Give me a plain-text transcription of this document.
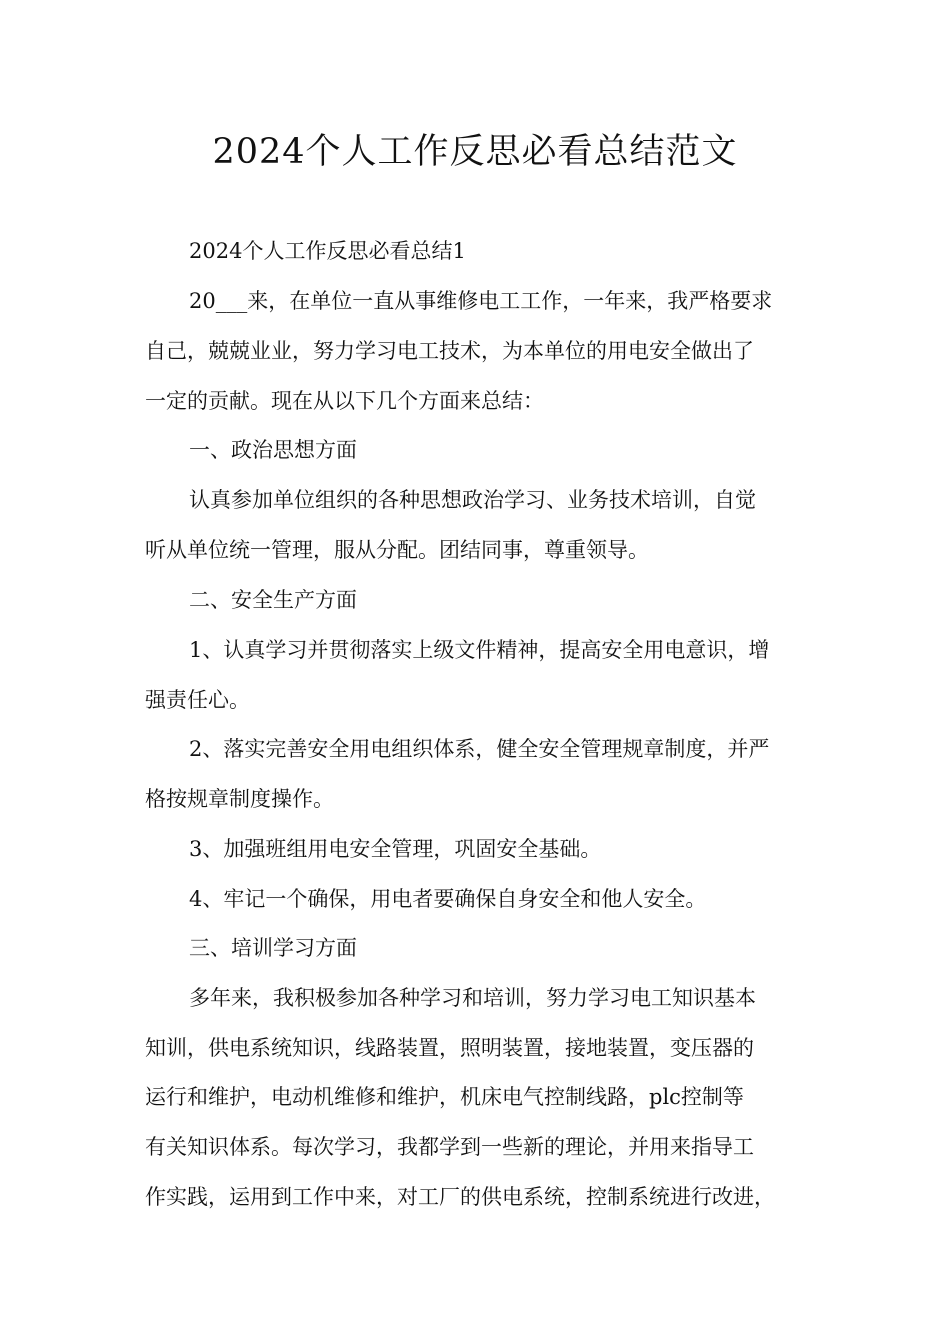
2024个人工作反思必看总结范文
2024个人工作反思必看总结1
20___来，在单位一直从事维修电工工作，一年来，我严格要求
自己，兢兢业业，努力学习电工技术，为本单位的用电安全做出了
一定的贡献。现在从以下几个方面来总结：
一、政治思想方面
认真参加单位组织的各种思想政治学习、业务技术培训，自觉
听从单位统一管理，服从分配。团结同事，尊重领导。
二、安全生产方面
1、认真学习并贯彻落实上级文件精神，提高安全用电意识，增
强责任心。
2、落实完善安全用电组织体系，健全安全管理规章制度，并严
格按规章制度操作。
3、加强班组用电安全管理，巩固安全基础。
4、牢记一个确保，用电者要确保自身安全和他人安全。
三、培训学习方面
多年来，我积极参加各种学习和培训，努力学习电工知识基本
知训，供电系统知识，线路装置，照明装置，接地装置，变压器的
运行和维护，电动机维修和维护，机床电气控制线路，plc控制等
有关知识体系。每次学习，我都学到一些新的理论，并用来指导工
作实践，运用到工作中来，对工厂的供电系统，控制系统进行改进，
